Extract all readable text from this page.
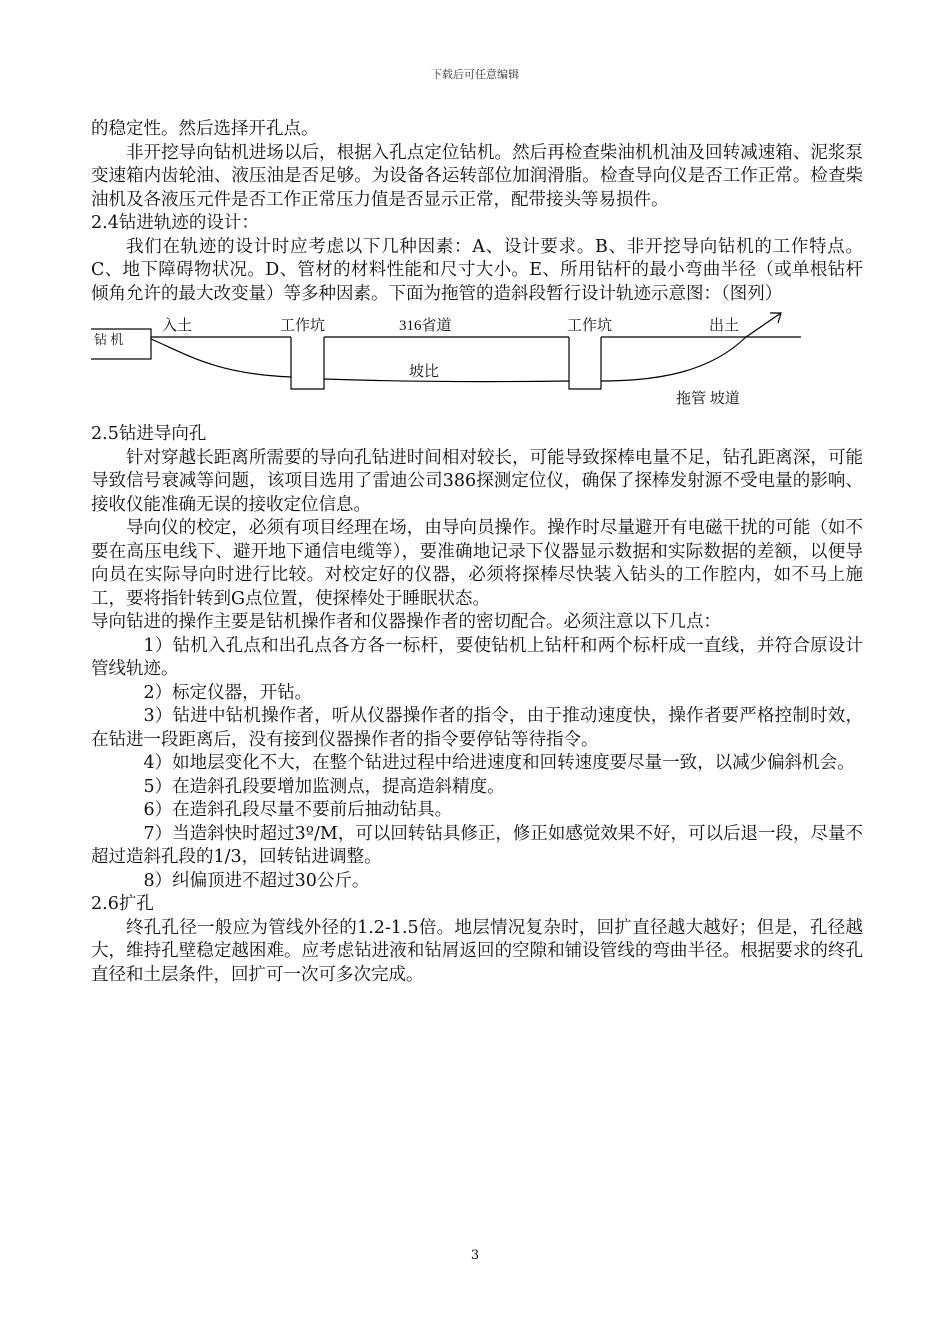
下载后可任意编辑

的稳定性。然后选择开孔点。

非开挖导向钻机进场以后，根据入孔点定位钻机。然后再检查柴油机机油及回转减速箱、泥浆泵变速箱内齿轮油、液压油是否足够。为设备各运转部位加润滑脂。检查导向仪是否工作正常。检查柴油机及各液压元件是否工作正常压力值是否显示正常，配带接头等易损件。

2.4钻进轨迹的设计：

我们在轨迹的设计时应考虑以下几种因素：A、设计要求。B、非开挖导向钻机的工作特点。C、地下障碍物状况。D、管材的材料性能和尺寸大小。E、所用钻杆的最小弯曲半径（或单根钻杆倾角允许的最大改变量）等多种因素。下面为拖管的造斜段暂行设计轨迹示意图：（图列）

入土	工作坑	316省道	工作坑	出土
坡比
拖管 坡道
钻 机

2.5钻进导向孔

针对穿越长距离所需要的导向孔钻进时间相对较长，可能导致探棒电量不足，钻孔距离深，可能导致信号衰减等问题，该项目选用了雷迪公司386探测定位仪，确保了探棒发射源不受电量的影响、接收仪能准确无误的接收定位信息。

导向仪的校定，必须有项目经理在场，由导向员操作。操作时尽量避开有电磁干扰的可能（如不要在高压电线下、避开地下通信电缆等），要准确地记录下仪器显示数据和实际数据的差额，以便导向员在实际导向时进行比较。对校定好的仪器，必须将探棒尽快装入钻头的工作腔内，如不马上施工，要将指针转到G点位置，使探棒处于睡眠状态。

导向钻进的操作主要是钻机操作者和仪器操作者的密切配合。必须注意以下几点：

1）钻机入孔点和出孔点各方各一标杆，要使钻机上钻杆和两个标杆成一直线，并符合原设计管线轨迹。

2）标定仪器，开钻。

3）钻进中钻机操作者，听从仪器操作者的指令，由于推动速度快，操作者要严格控制时效，在钻进一段距离后，没有接到仪器操作者的指令要停钻等待指令。

4）如地层变化不大，在整个钻进过程中给进速度和回转速度要尽量一致，以减少偏斜机会。

5）在造斜孔段要增加监测点，提高造斜精度。

6）在造斜孔段尽量不要前后抽动钻具。

7）当造斜快时超过3º/M，可以回转钻具修正，修正如感觉效果不好，可以后退一段，尽量不超过造斜孔段的1/3，回转钻进调整。

8）纠偏顶进不超过30公斤。

2.6扩孔

终孔孔径一般应为管线外径的1.2-1.5倍。地层情况复杂时，回扩直径越大越好；但是，孔径越大，维持孔壁稳定越困难。应考虑钻进液和钻屑返回的空隙和铺设管线的弯曲半径。根据要求的终孔直径和土层条件，回扩可一次可多次完成。

3
